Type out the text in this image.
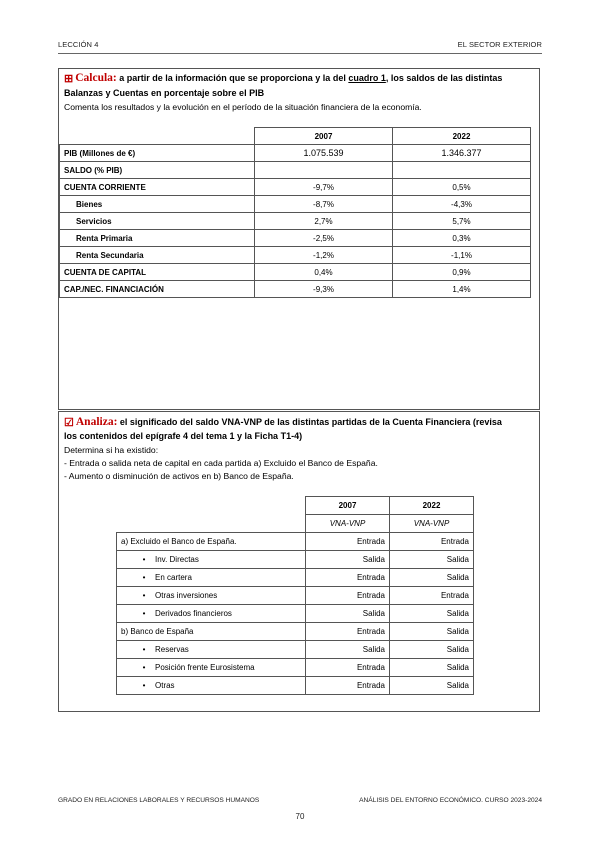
LECCIÓN 4	EL SECTOR EXTERIOR
⊞ Calcula: a partir de la información que se proporciona y la del cuadro 1, los saldos de las distintas
Balanzas y Cuentas en porcentaje sobre el PIB
Comenta los resultados y la evolución en el período de la situación financiera de la economía.
	2007	2022
PIB (Millones de €)	1.075.539	1.346.377
SALDO (% PIB)		
CUENTA CORRIENTE	-9,7%	0,5%
Bienes	-8,7%	-4,3%
Servicios	2,7%	5,7%
Renta Primaria	-2,5%	0,3%
Renta Secundaria	-1,2%	-1,1%
CUENTA DE CAPITAL	0,4%	0,9%
CAP./NEC. FINANCIACIÓN	-9,3%	1,4%
☑ Analiza: el significado del saldo VNA-VNP de las distintas partidas de la Cuenta Financiera (revisa
los contenidos del epígrafe 4 del tema 1 y la Ficha T1-4)
Determina si ha existido:
- Entrada o salida neta de capital en cada partida a) Excluido el Banco de España.
- Aumento o disminución de activos en b) Banco de España.
	2007	2022
	VNA-VNP	VNA-VNP
a) Excluido el Banco de España.	Entrada	Entrada
• Inv. Directas	Salida	Salida
• En cartera	Entrada	Salida
• Otras inversiones	Entrada	Entrada
• Derivados financieros	Salida	Salida
b) Banco de España	Entrada	Salida
• Reservas	Salida	Salida
• Posición frente Eurosistema	Entrada	Salida
• Otras	Entrada	Salida
GRADO EN RELACIONES LABORALES Y RECURSOS HUMANOS	ANÁLISIS DEL ENTORNO ECONÓMICO. CURSO 2023-2024
70
